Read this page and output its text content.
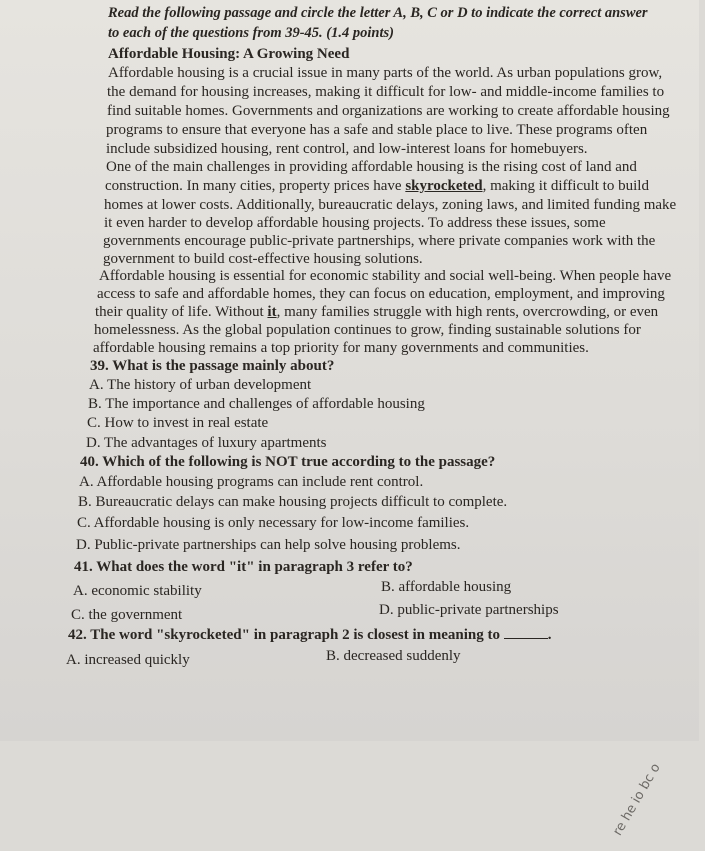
Read the following passage and circle the letter A, B, C or D to indicate the correct answer
to each of the questions from 39-45. (1.4 points)
Affordable Housing: A Growing Need
Affordable housing is a crucial issue in many parts of the world. As urban populations grow,
the demand for housing increases, making it difficult for low- and middle-income families to
find suitable homes. Governments and organizations are working to create affordable housing
programs to ensure that everyone has a safe and stable place to live. These programs often
include subsidized housing, rent control, and low-interest loans for homebuyers.
One of the main challenges in providing affordable housing is the rising cost of land and
construction. In many cities, property prices have skyrocketed, making it difficult to build
homes at lower costs. Additionally, bureaucratic delays, zoning laws, and limited funding make
it even harder to develop affordable housing projects. To address these issues, some
governments encourage public-private partnerships, where private companies work with the
government to build cost-effective housing solutions.
Affordable housing is essential for economic stability and social well-being. When people have
access to safe and affordable homes, they can focus on education, employment, and improving
their quality of life. Without it, many families struggle with high rents, overcrowding, or even
homelessness. As the global population continues to grow, finding sustainable solutions for
affordable housing remains a top priority for many governments and communities.
39. What is the passage mainly about?
A. The history of urban development
B. The importance and challenges of affordable housing
C. How to invest in real estate
D. The advantages of luxury apartments
40. Which of the following is NOT true according to the passage?
A. Affordable housing programs can include rent control.
B. Bureaucratic delays can make housing projects difficult to complete.
C. Affordable housing is only necessary for low-income families.
D. Public-private partnerships can help solve housing problems.
41. What does the word "it" in paragraph 3 refer to?
A. economic stability	B. affordable housing
C. the government	D. public-private partnerships
42. The word "skyrocketed" in paragraph 2 is closest in meaning to	.
A. increased quickly	B. decreased suddenly
re he io bc o
